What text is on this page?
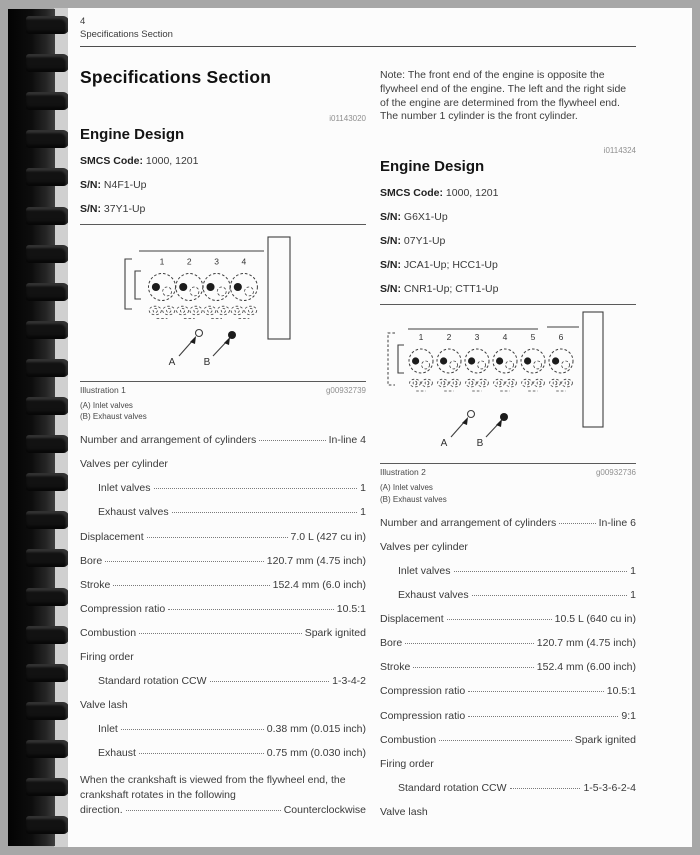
4
Specifications Section
Specifications Section
i01143020
Engine Design
SMCS Code: 1000, 1201
S/N: N4F1-Up
S/N: 37Y1-Up
1	2	3	4
A	B
Illustration 1	g00932739
(A) Inlet valves
(B) Exhaust valves
Number and arrangement of cylinders	In-line 4
Valves per cylinder
Inlet valves	1
Exhaust valves	1
Displacement	7.0 L (427 cu in)
Bore	120.7 mm (4.75 inch)
Stroke	152.4 mm (6.0 inch)
Compression ratio	10.5:1
Combustion	Spark ignited
Firing order
Standard rotation CCW	1-3-4-2
Valve lash
Inlet	0.38 mm (0.015 inch)
Exhaust	0.75 mm (0.030 inch)
When the crankshaft is viewed from the flywheel end, the crankshaft rotates in the following
direction.	Counterclockwise
Note: The front end of the engine is opposite the flywheel end of the engine. The left and the right side of the engine are determined from the flywheel end. The number 1 cylinder is the front cylinder.
i0114324
Engine Design
SMCS Code: 1000, 1201
S/N: G6X1-Up
S/N: 07Y1-Up
S/N: JCA1-Up; HCC1-Up
S/N: CNR1-Up; CTT1-Up
1	2	3	4	5	6
A	B
Illustration 2	g00932736
(A) Inlet valves
(B) Exhaust valves
Number and arrangement of cylinders	In-line 6
Valves per cylinder
Inlet valves	1
Exhaust valves	1
Displacement	10.5 L (640 cu in)
Bore	120.7 mm (4.75 inch)
Stroke	152.4 mm (6.00 inch)
Compression ratio	10.5:1
Compression ratio	9:1
Combustion	Spark ignited
Firing order
Standard rotation CCW	1-5-3-6-2-4
Valve lash
